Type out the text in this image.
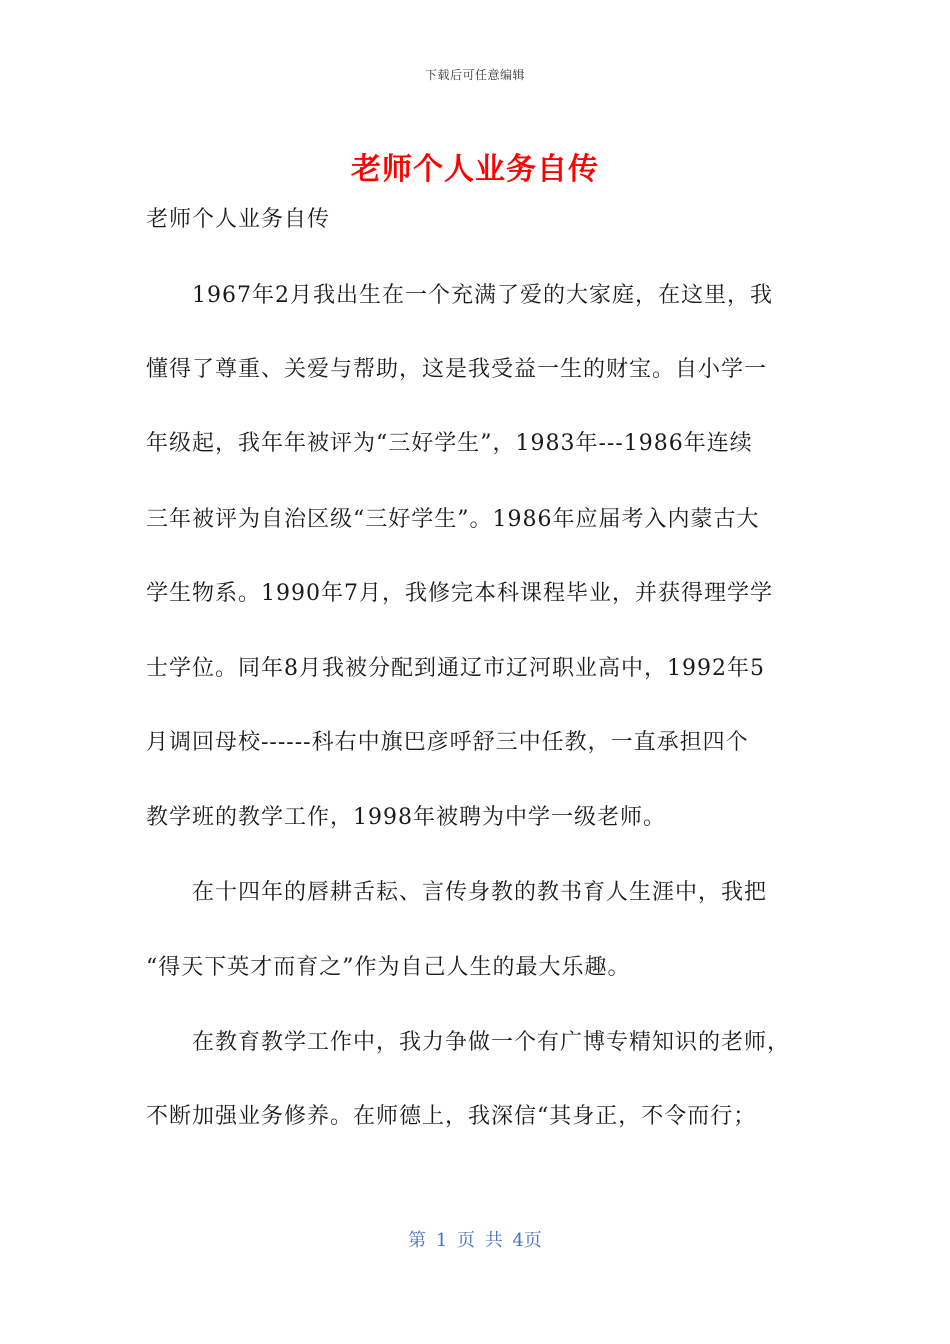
下载后可任意编辑
老师个人业务自传
老师个人业务自传
　　1967年2月我出生在一个充满了爱的大家庭，在这里，我
懂得了尊重、关爱与帮助，这是我受益一生的财宝。自小学一
年级起，我年年被评为“三好学生”，1983年---1986年连续
三年被评为自治区级“三好学生”。1986年应届考入内蒙古大
学生物系。1990年7月，我修完本科课程毕业，并获得理学学
士学位。同年8月我被分配到通辽市辽河职业高中，1992年5
月调回母校------科右中旗巴彦呼舒三中任教，一直承担四个
教学班的教学工作，1998年被聘为中学一级老师。
　　在十四年的唇耕舌耘、言传身教的教书育人生涯中，我把
“得天下英才而育之”作为自己人生的最大乐趣。
　　在教育教学工作中，我力争做一个有广博专精知识的老师，
不断加强业务修养。在师德上，我深信“其身正，不令而行；
第 1 页 共 4页
